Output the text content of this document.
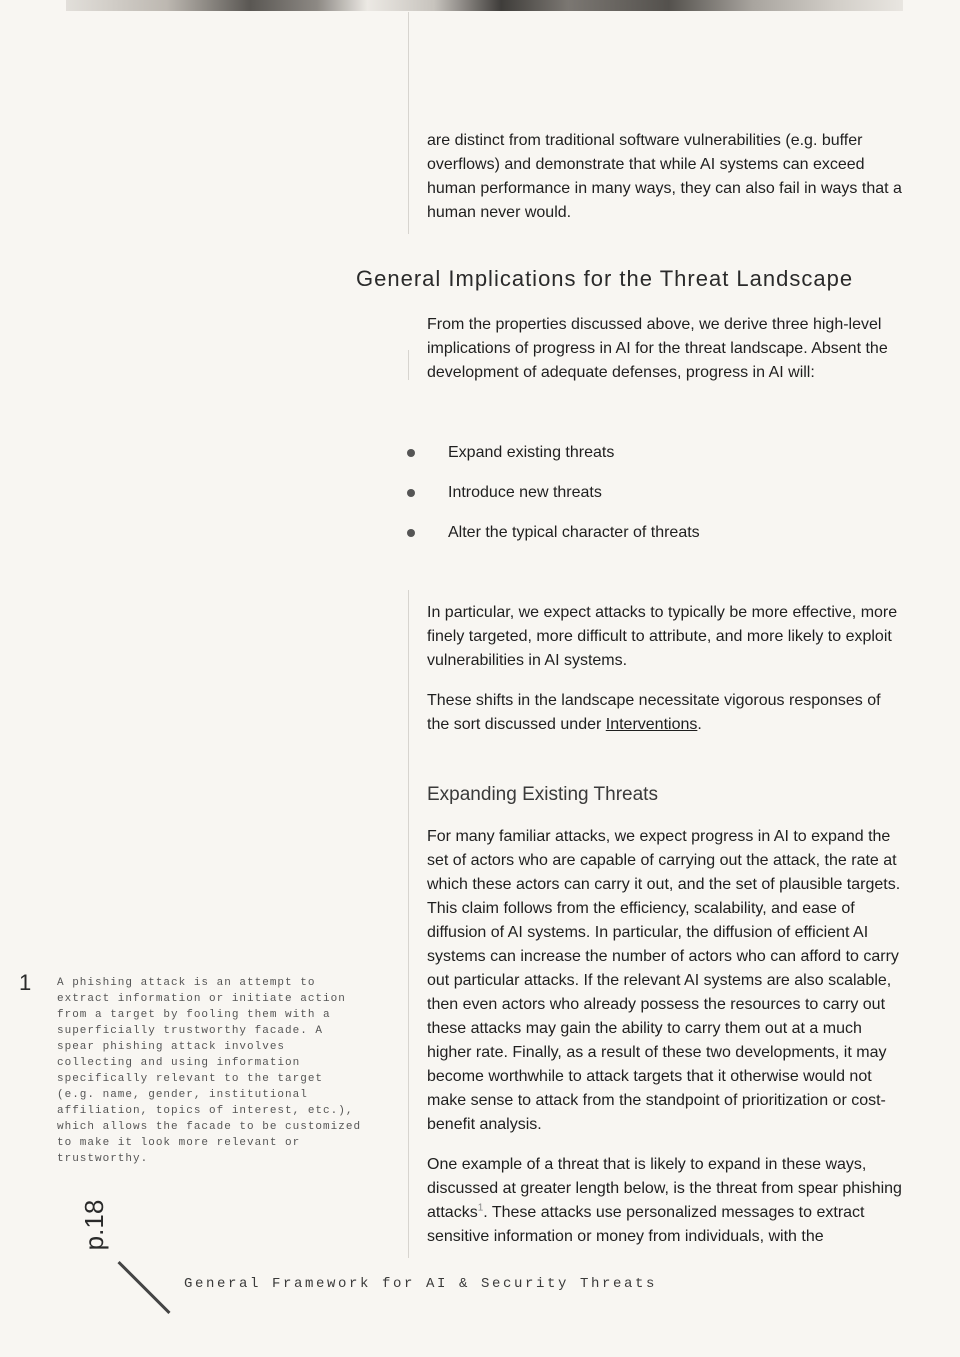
are distinct from traditional software vulnerabilities (e.g. buffer overflows) and demonstrate that while AI systems can exceed human performance in many ways, they can also fail in ways that a human never would.

General Implications for the Threat Landscape

From the properties discussed above, we derive three high-level implications of progress in AI for the threat landscape. Absent the development of adequate defenses, progress in AI will:

Expand existing threats
Introduce new threats
Alter the typical character of threats

In particular, we expect attacks to typically be more effective, more finely targeted, more difficult to attribute, and more likely to exploit vulnerabilities in AI systems.

These shifts in the landscape necessitate vigorous responses of the sort discussed under Interventions.

Expanding Existing Threats

For many familiar attacks, we expect progress in AI to expand the set of actors who are capable of carrying out the attack, the rate at which these actors can carry it out, and the set of plausible targets. This claim follows from the efficiency, scalability, and ease of diffusion of AI systems. In particular, the diffusion of efficient AI systems can increase the number of actors who can afford to carry out particular attacks. If the relevant AI systems are also scalable, then even actors who already possess the resources to carry out these attacks may gain the ability to carry them out at a much higher rate. Finally, as a result of these two developments, it may become worthwhile to attack targets that it otherwise would not make sense to attack from the standpoint of prioritization or cost-benefit analysis.

One example of a threat that is likely to expand in these ways, discussed at greater length below, is the threat from spear phishing attacks$^1$. These attacks use personalized messages to extract sensitive information or money from individuals, with the

1 A phishing attack is an attempt to extract information or initiate action from a target by fooling them with a superficially trustworthy facade. A spear phishing attack involves collecting and using information specifically relevant to the target (e.g. name, gender, institutional affiliation, topics of interest, etc.), which allows the facade to be customized to make it look more relevant or trustworthy.

p.18
General Framework for AI & Security Threats
